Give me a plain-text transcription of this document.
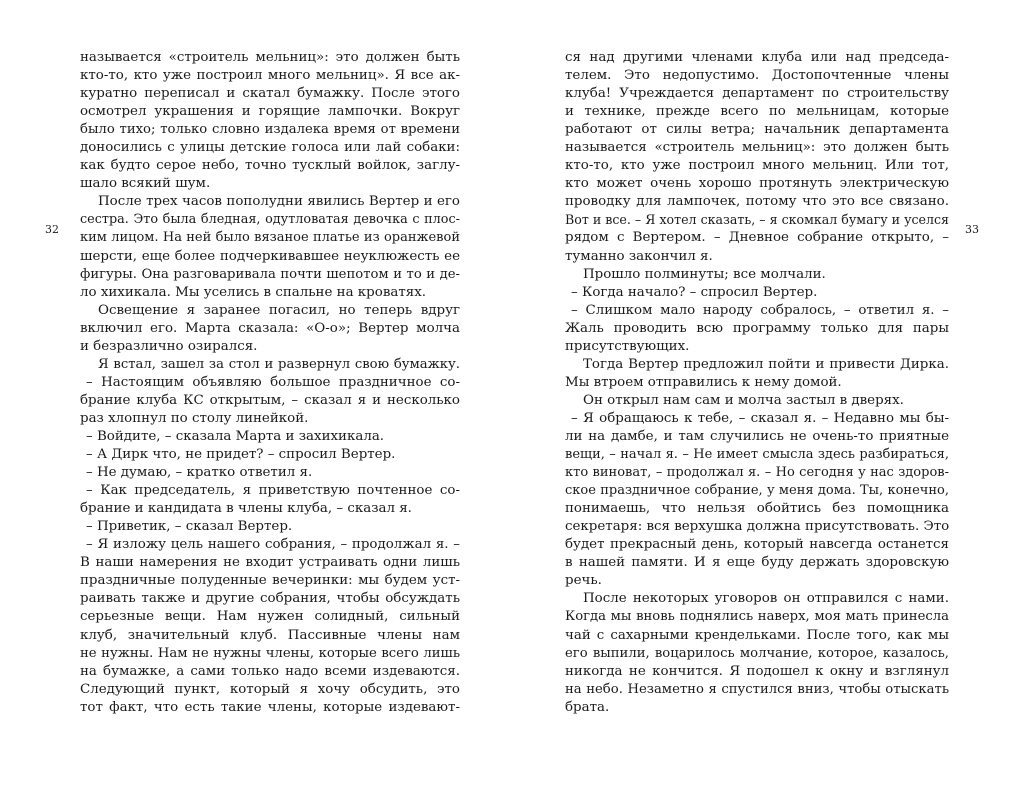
32
называется «строитель мельниц»: это должен быть
кто-то, кто уже построил много мельниц». Я все ак-
куратно переписал и скатал бумажку. После этого
осмотрел украшения и горящие лампочки. Вокруг
было тихо; только словно издалека время от времени
доносились с улицы детские голоса или лай собаки:
как будто серое небо, точно тусклый войлок, заглу-
шало всякий шум.
После трех часов пополудни явились Вертер и его
сестра. Это была бледная, одутловатая девочка с плос-
ким лицом. На ней было вязаное платье из оранжевой
шерсти, еще более подчеркивавшее неуклюжесть ее
фигуры. Она разговаривала почти шепотом и то и де-
ло хихикала. Мы уселись в спальне на кроватях.
Освещение я заранее погасил, но теперь вдруг
включил его. Марта сказала: «О-о»; Вертер молча
и безразлично озирался.
Я встал, зашел за стол и развернул свою бумажку.
– Настоящим объявляю большое праздничное со-
брание клуба КС открытым, – сказал я и несколько
раз хлопнул по столу линейкой.
– Войдите, – сказала Марта и захихикала.
– А Дирк что, не придет? – спросил Вертер.
– Не думаю, – кратко ответил я.
– Как председатель, я приветствую почтенное со-
брание и кандидата в члены клуба, – сказал я.
– Приветик, – сказал Вертер.
– Я изложу цель нашего собрания, – продолжал я. –
В наши намерения не входит устраивать одни лишь
праздничные полуденные вечеринки: мы будем уст-
раивать также и другие собрания, чтобы обсуждать
серьезные вещи. Нам нужен солидный, сильный
клуб, значительный клуб. Пассивные члены нам
не нужны. Нам не нужны члены, которые всего лишь
на бумажке, а сами только надо всеми издеваются.
Следующий пункт, который я хочу обсудить, это
тот факт, что есть такие члены, которые издевают-
33
ся над другими членами клуба или над председа-
телем. Это недопустимо. Достопочтенные члены
клуба! Учреждается департамент по строительству
и технике, прежде всего по мельницам, которые
работают от силы ветра; начальник департамента
называется «строитель мельниц»: это должен быть
кто-то, кто уже построил много мельниц. Или тот,
кто может очень хорошо протянуть электрическую
проводку для лампочек, потому что это все связано.
Вот и все. – Я хотел сказать, – я скомкал бумагу и уселся
рядом с Вертером. – Дневное собрание открыто, –
туманно закончил я.
Прошло полминуты; все молчали.
– Когда начало? – спросил Вертер.
– Слишком мало народу собралось, – ответил я. –
Жаль проводить всю программу только для пары
присутствующих.
Тогда Вертер предложил пойти и привести Дирка.
Мы втроем отправились к нему домой.
Он открыл нам сам и молча застыл в дверях.
– Я обращаюсь к тебе, – сказал я. – Недавно мы бы-
ли на дамбе, и там случились не очень-то приятные
вещи, – начал я. – Не имеет смысла здесь разбираться,
кто виноват, – продолжал я. – Но сегодня у нас здоров-
ское праздничное собрание, у меня дома. Ты, конечно,
понимаешь, что нельзя обойтись без помощника
секретаря: вся верхушка должна присутствовать. Это
будет прекрасный день, который навсегда останется
в нашей памяти. И я еще буду держать здоровскую
речь.
После некоторых уговоров он отправился с нами.
Когда мы вновь поднялись наверх, моя мать принесла
чай с сахарными крендельками. После того, как мы
его выпили, воцарилось молчание, которое, казалось,
никогда не кончится. Я подошел к окну и взглянул
на небо. Незаметно я спустился вниз, чтобы отыскать
брата.
